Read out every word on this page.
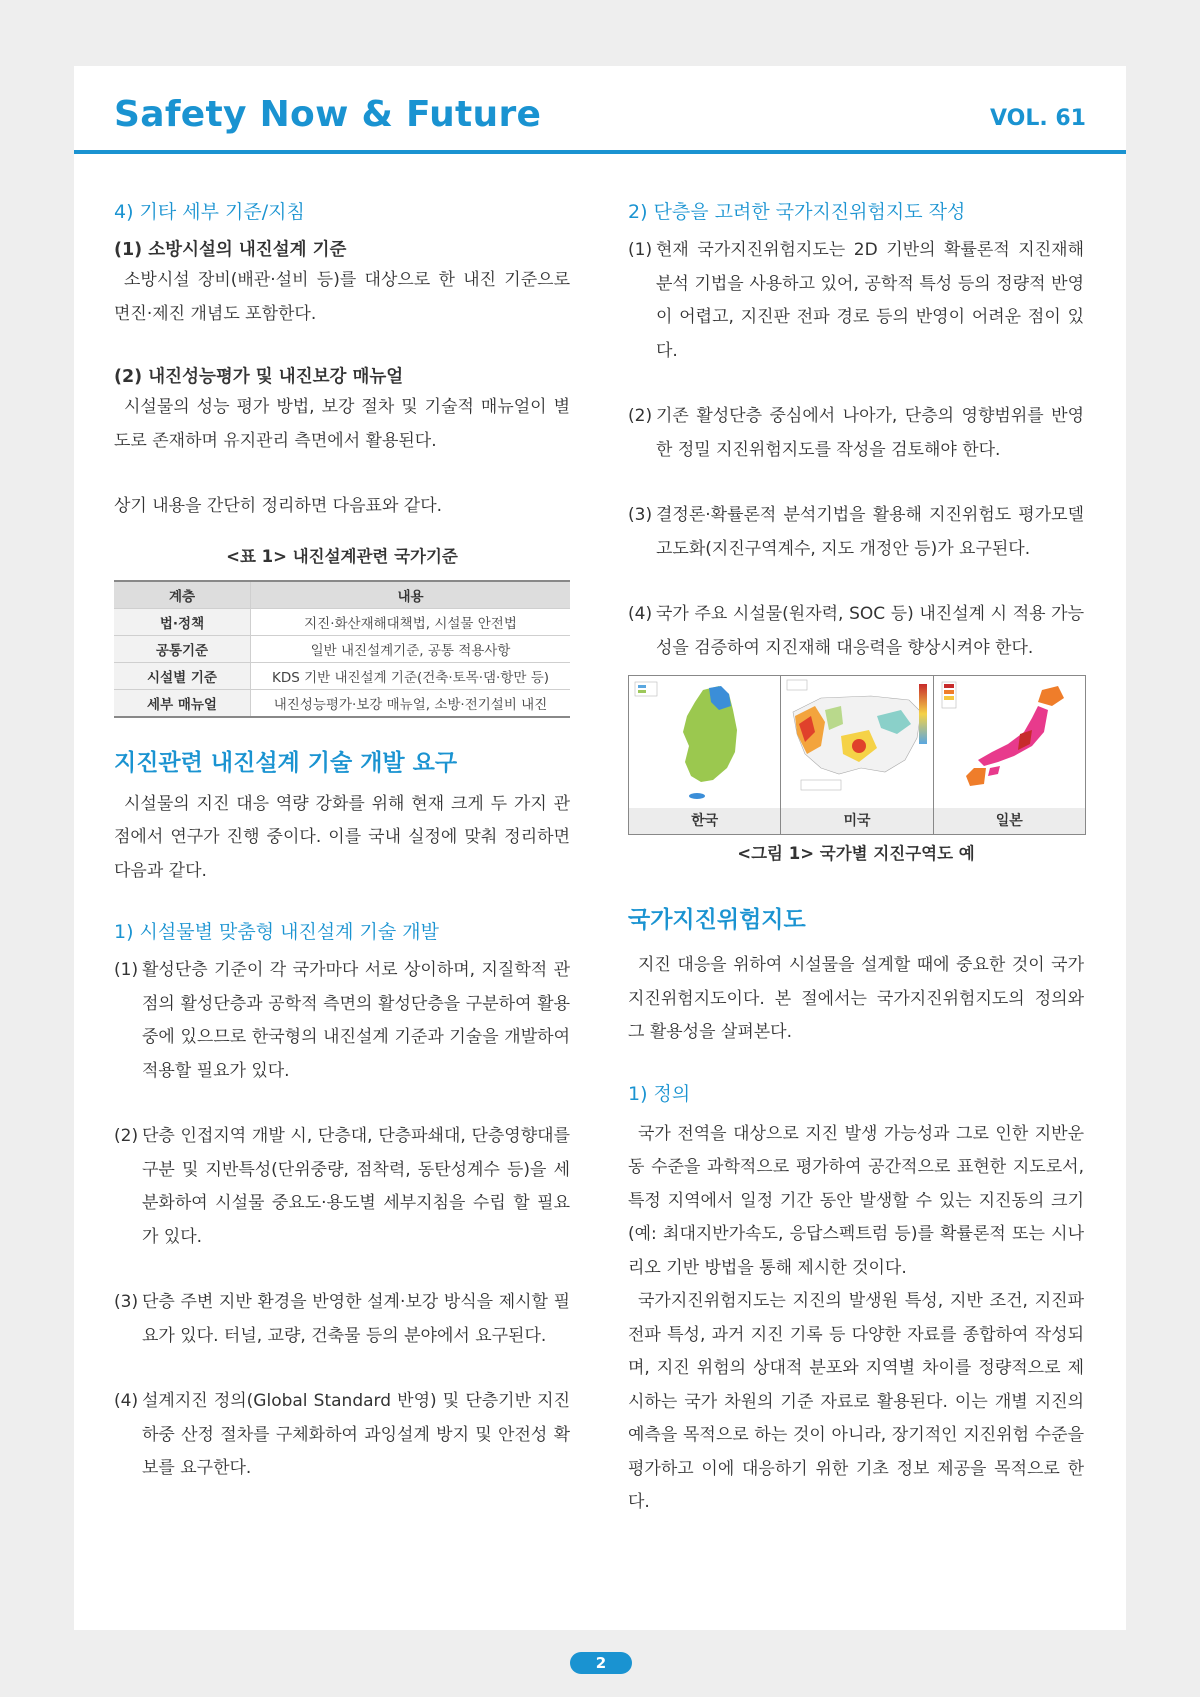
Safety Now & Future	VOL. 61
4) 기타 세부 기준/지침
(1) 소방시설의 내진설계 기준

소방시설 장비(배관·설비 등)를 대상으로 한 내진 기준으로 면진·제진 개념도 포함한다.

(2) 내진성능평가 및 내진보강 매뉴얼

시설물의 성능 평가 방법, 보강 절차 및 기술적 매뉴얼이 별도로 존재하며 유지관리 측면에서 활용된다.

상기 내용을 간단히 정리하면 다음표와 같다.

<표 1> 내진설계관련 국가기준
계층	내용
법·정책	지진·화산재해대책법, 시설물 안전법
공통기준	일반 내진설계기준, 공통 적용사항
시설별 기준	KDS 기반 내진설계 기준(건축·토목·댐·항만 등)
세부 매뉴얼	내진성능평가·보강 매뉴얼, 소방·전기설비 내진
지진관련 내진설계 기술 개발 요구

시설물의 지진 대응 역량 강화를 위해 현재 크게 두 가지 관점에서 연구가 진행 중이다. 이를 국내 실정에 맞춰 정리하면 다음과 같다.

1) 시설물별 맞춤형 내진설계 기술 개발
(1) 활성단층 기준이 각 국가마다 서로 상이하며, 지질학적 관점의 활성단층과 공학적 측면의 활성단층을 구분하여 활용중에 있으므로 한국형의 내진설계 기준과 기술을 개발하여 적용할 필요가 있다.
(2) 단층 인접지역 개발 시, 단층대, 단층파쇄대, 단층영향대를 구분 및 지반특성(단위중량, 점착력, 동탄성계수 등)을 세분화하여 시설물 중요도·용도별 세부지침을 수립 할 필요가 있다.
(3) 단층 주변 지반 환경을 반영한 설계·보강 방식을 제시할 필요가 있다. 터널, 교량, 건축물 등의 분야에서 요구된다.
(4) 설계지진 정의(Global Standard 반영) 및 단층기반 지진하중 산정 절차를 구체화하여 과잉설계 방지 및 안전성 확보를 요구한다.
2) 단층을 고려한 국가지진위험지도 작성
(1) 현재 국가지진위험지도는 2D 기반의 확률론적 지진재해분석 기법을 사용하고 있어, 공학적 특성 등의 정량적 반영이 어렵고, 지진판 전파 경로 등의 반영이 어려운 점이 있다.
(2) 기존 활성단층 중심에서 나아가, 단층의 영향범위를 반영한 정밀 지진위험지도를 작성을 검토해야 한다.
(3) 결정론·확률론적 분석기법을 활용해 지진위험도 평가모델 고도화(지진구역계수, 지도 개정안 등)가 요구된다.
(4) 국가 주요 시설물(원자력, SOC 등) 내진설계 시 적용 가능성을 검증하여 지진재해 대응력을 향상시켜야 한다.
한국	미국	일본
<그림 1> 국가별 지진구역도 예
국가지진위험지도

지진 대응을 위하여 시설물을 설계할 때에 중요한 것이 국가지진위험지도이다. 본 절에서는 국가지진위험지도의 정의와 그 활용성을 살펴본다.

1) 정의

국가 전역을 대상으로 지진 발생 가능성과 그로 인한 지반운동 수준을 과학적으로 평가하여 공간적으로 표현한 지도로서, 특정 지역에서 일정 기간 동안 발생할 수 있는 지진동의 크기(예: 최대지반가속도, 응답스펙트럼 등)를 확률론적 또는 시나리오 기반 방법을 통해 제시한 것이다.

국가지진위험지도는 지진의 발생원 특성, 지반 조건, 지진파 전파 특성, 과거 지진 기록 등 다양한 자료를 종합하여 작성되며, 지진 위험의 상대적 분포와 지역별 차이를 정량적으로 제시하는 국가 차원의 기준 자료로 활용된다. 이는 개별 지진의 예측을 목적으로 하는 것이 아니라, 장기적인 지진위험 수준을 평가하고 이에 대응하기 위한 기초 정보 제공을 목적으로 한다.

2
